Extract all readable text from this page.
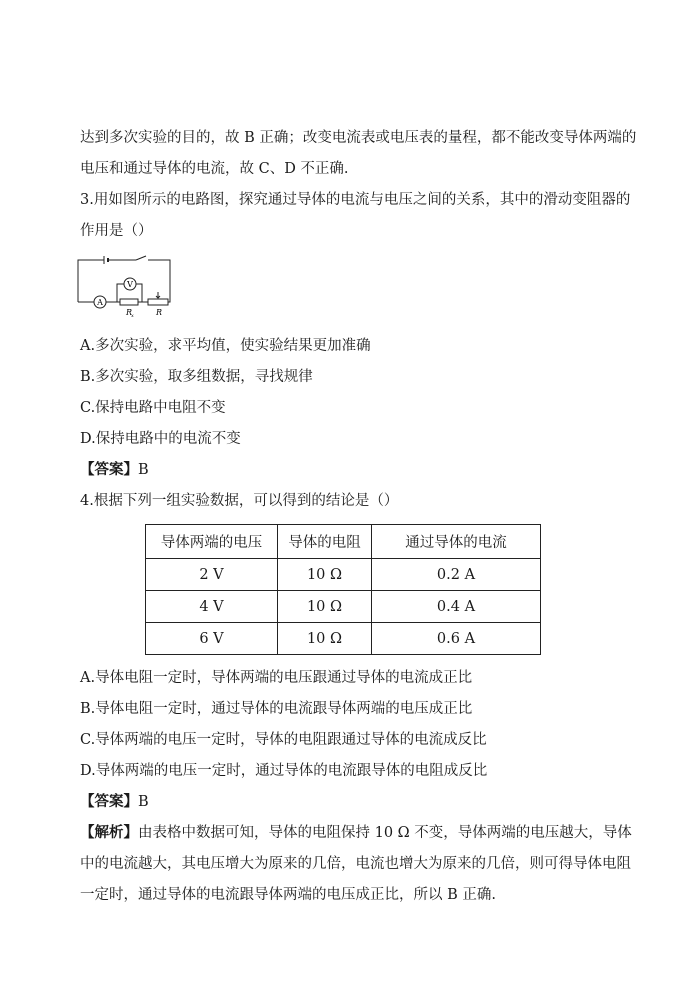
达到多次实验的目的，故 B 正确；改变电流表或电压表的量程，都不能改变导体两端的
电压和通过导体的电流，故 C、D 不正确.
3.用如图所示的电路图，探究通过导体的电流与电压之间的关系，其中的滑动变阻器的
作用是（）
A
V
R
x	R
A.多次实验，求平均值，使实验结果更加准确
B.多次实验，取多组数据，寻找规律
C.保持电路中电阻不变
D.保持电路中的电流不变
【答案】B
4.根据下列一组实验数据，可以得到的结论是（）
导体两端的电压	导体的电阻	通过导体的电流
2 V	10 Ω	0.2 A
4 V	10 Ω	0.4 A
6 V	10 Ω	0.6 A
A.导体电阻一定时，导体两端的电压跟通过导体的电流成正比
B.导体电阻一定时，通过导体的电流跟导体两端的电压成正比
C.导体两端的电压一定时，导体的电阻跟通过导体的电流成反比
D.导体两端的电压一定时，通过导体的电流跟导体的电阻成反比
【答案】B
【解析】由表格中数据可知，导体的电阻保持 10 Ω 不变，导体两端的电压越大，导体
中的电流越大，其电压增大为原来的几倍，电流也增大为原来的几倍，则可得导体电阻
一定时，通过导体的电流跟导体两端的电压成正比，所以 B 正确.
